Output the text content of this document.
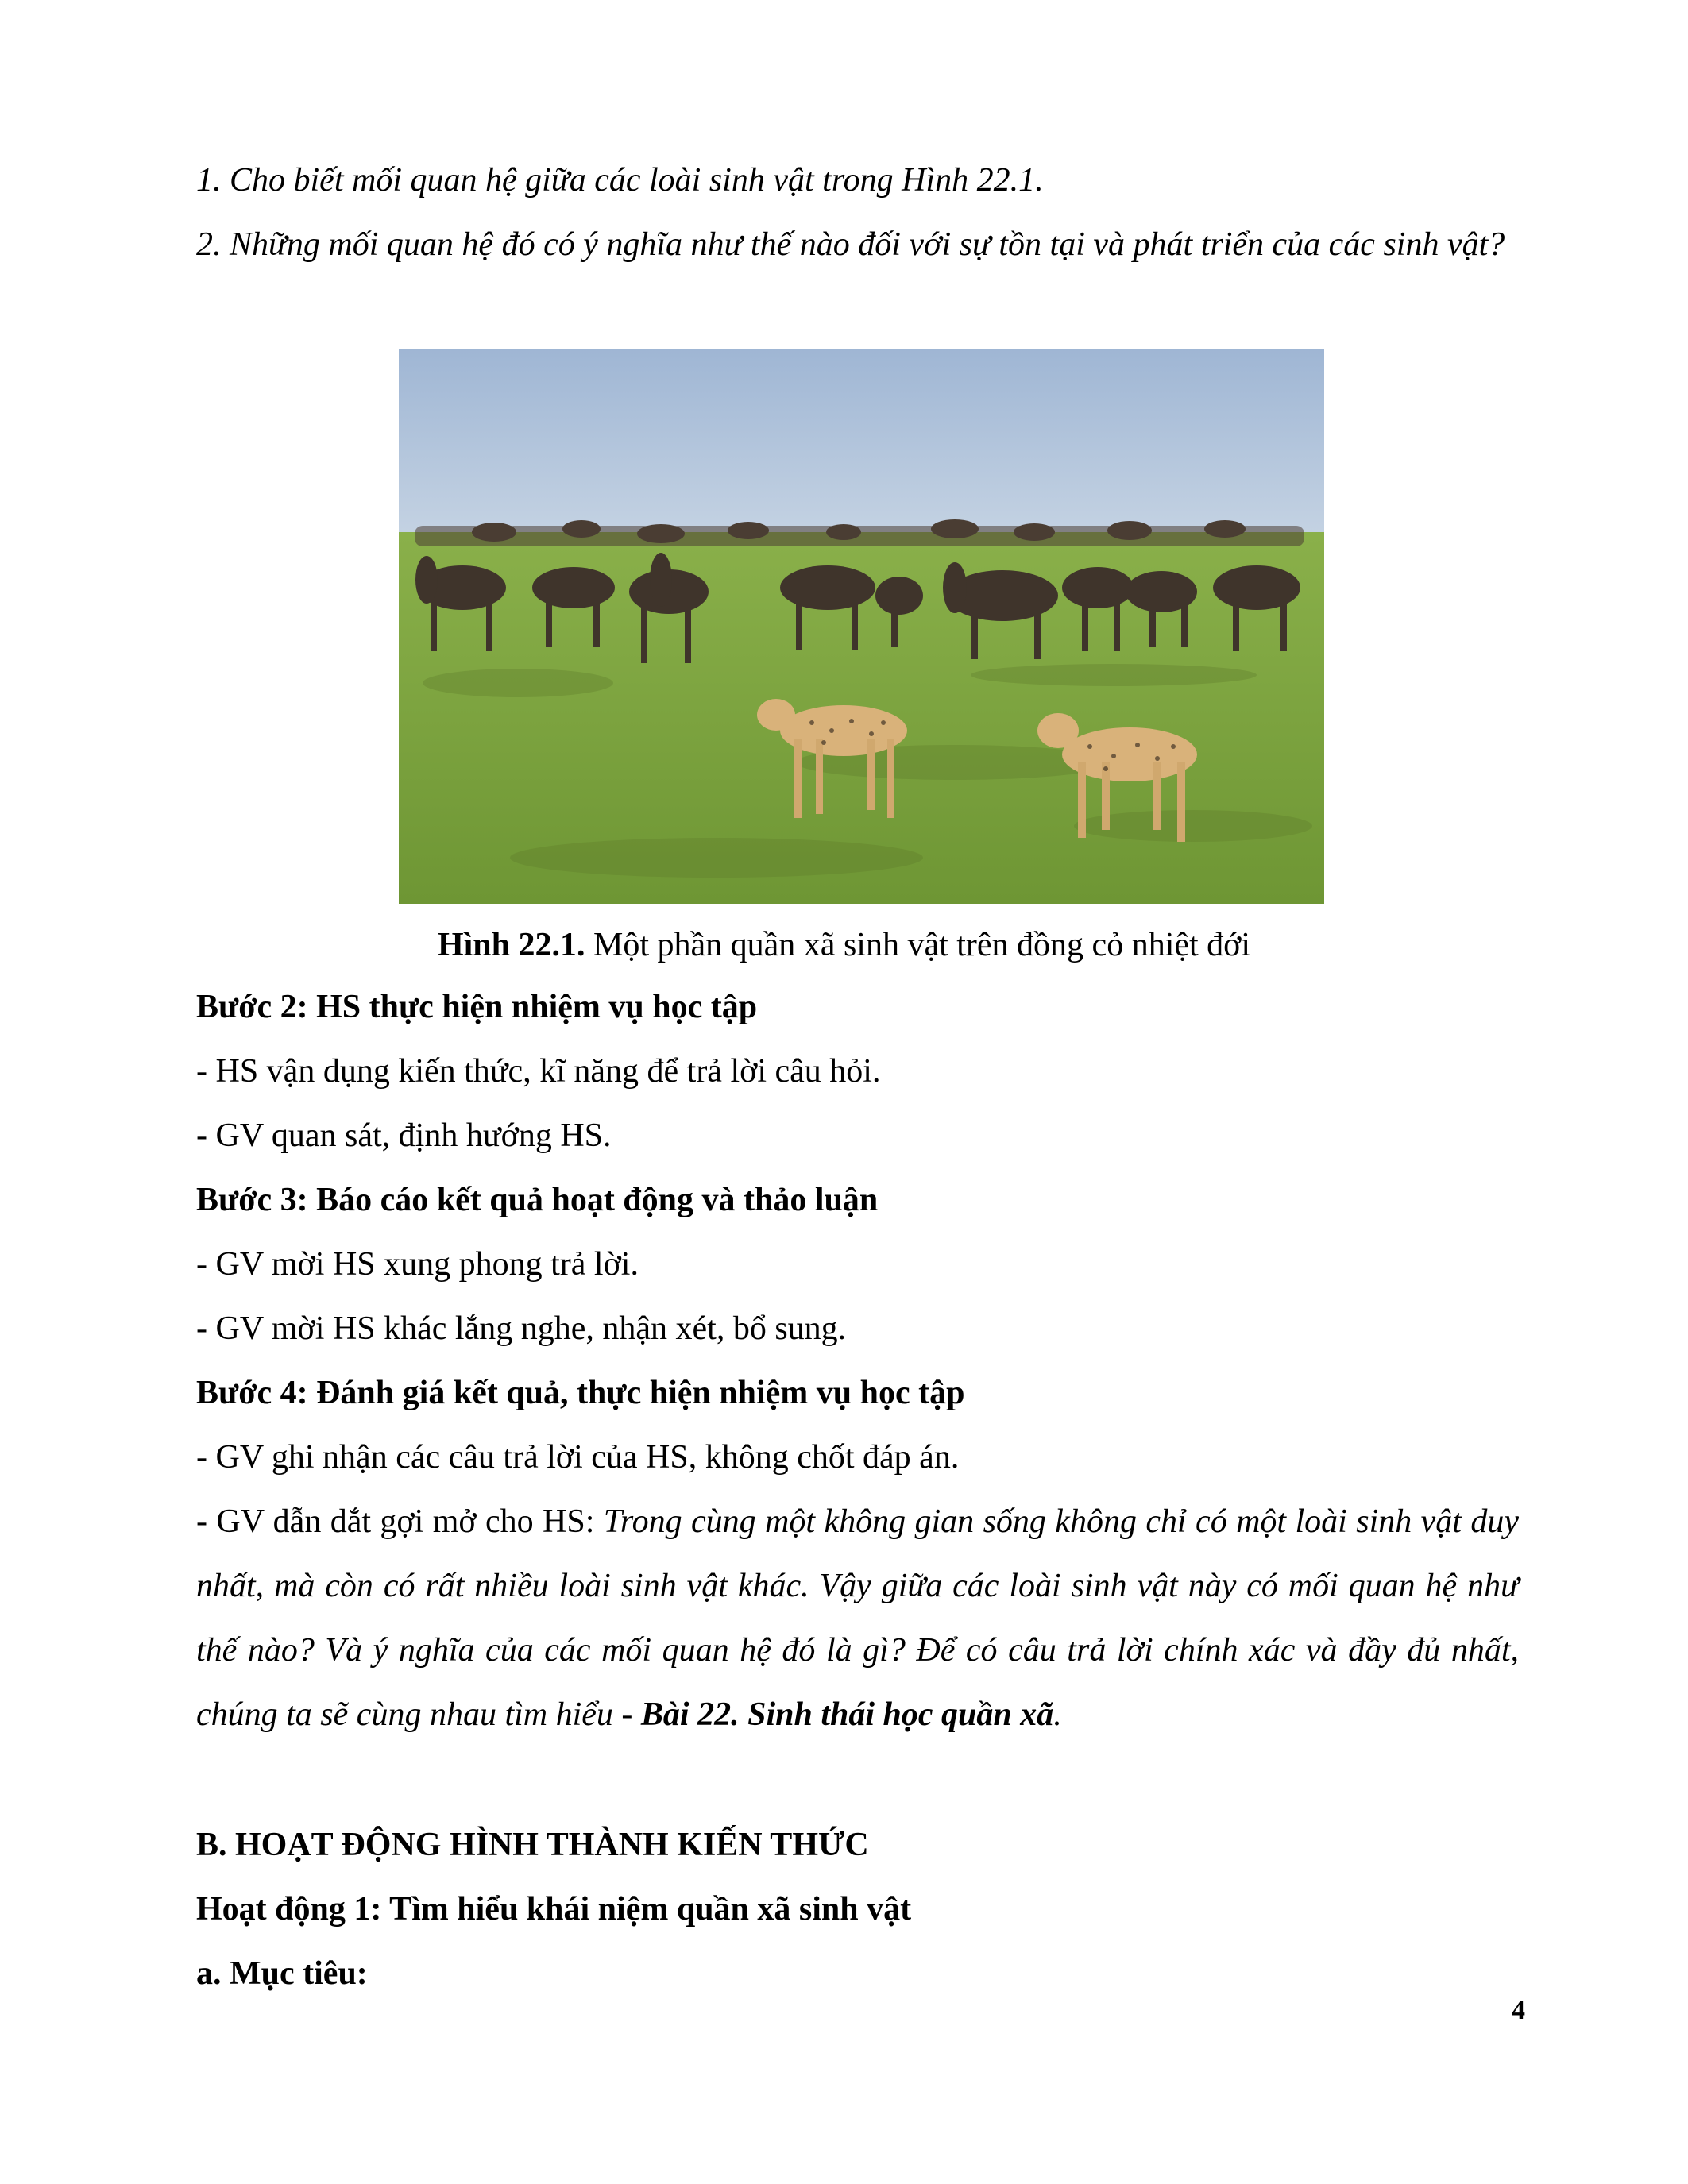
1. Cho biết mối quan hệ giữa các loài sinh vật trong Hình 22.1.

2. Những mối quan hệ đó có ý nghĩa như thế nào đối với sự tồn tại và phát triển của các sinh vật?

Hình 22.1. Một phần quần xã sinh vật trên đồng cỏ nhiệt đới

Bước 2: HS thực hiện nhiệm vụ học tập

- HS vận dụng kiến thức, kĩ năng để trả lời câu hỏi.

- GV quan sát, định hướng HS.

Bước 3: Báo cáo kết quả hoạt động và thảo luận

- GV mời HS xung phong trả lời.

- GV mời HS khác lắng nghe, nhận xét, bổ sung.

Bước 4: Đánh giá kết quả, thực hiện nhiệm vụ học tập

- GV ghi nhận các câu trả lời của HS, không chốt đáp án.

- GV dẫn dắt gợi mở cho HS: Trong cùng một không gian sống không chỉ có một loài sinh vật duy nhất, mà còn có rất nhiều loài sinh vật khác. Vậy giữa các loài sinh vật này có mối quan hệ như thế nào? Và ý nghĩa của các mối quan hệ đó là gì? Để có câu trả lời chính xác và đầy đủ nhất, chúng ta sẽ cùng nhau tìm hiểu - Bài 22. Sinh thái học quần xã.

B. HOẠT ĐỘNG HÌNH THÀNH KIẾN THỨC

Hoạt động 1: Tìm hiểu khái niệm quần xã sinh vật

a. Mục tiêu:

4
